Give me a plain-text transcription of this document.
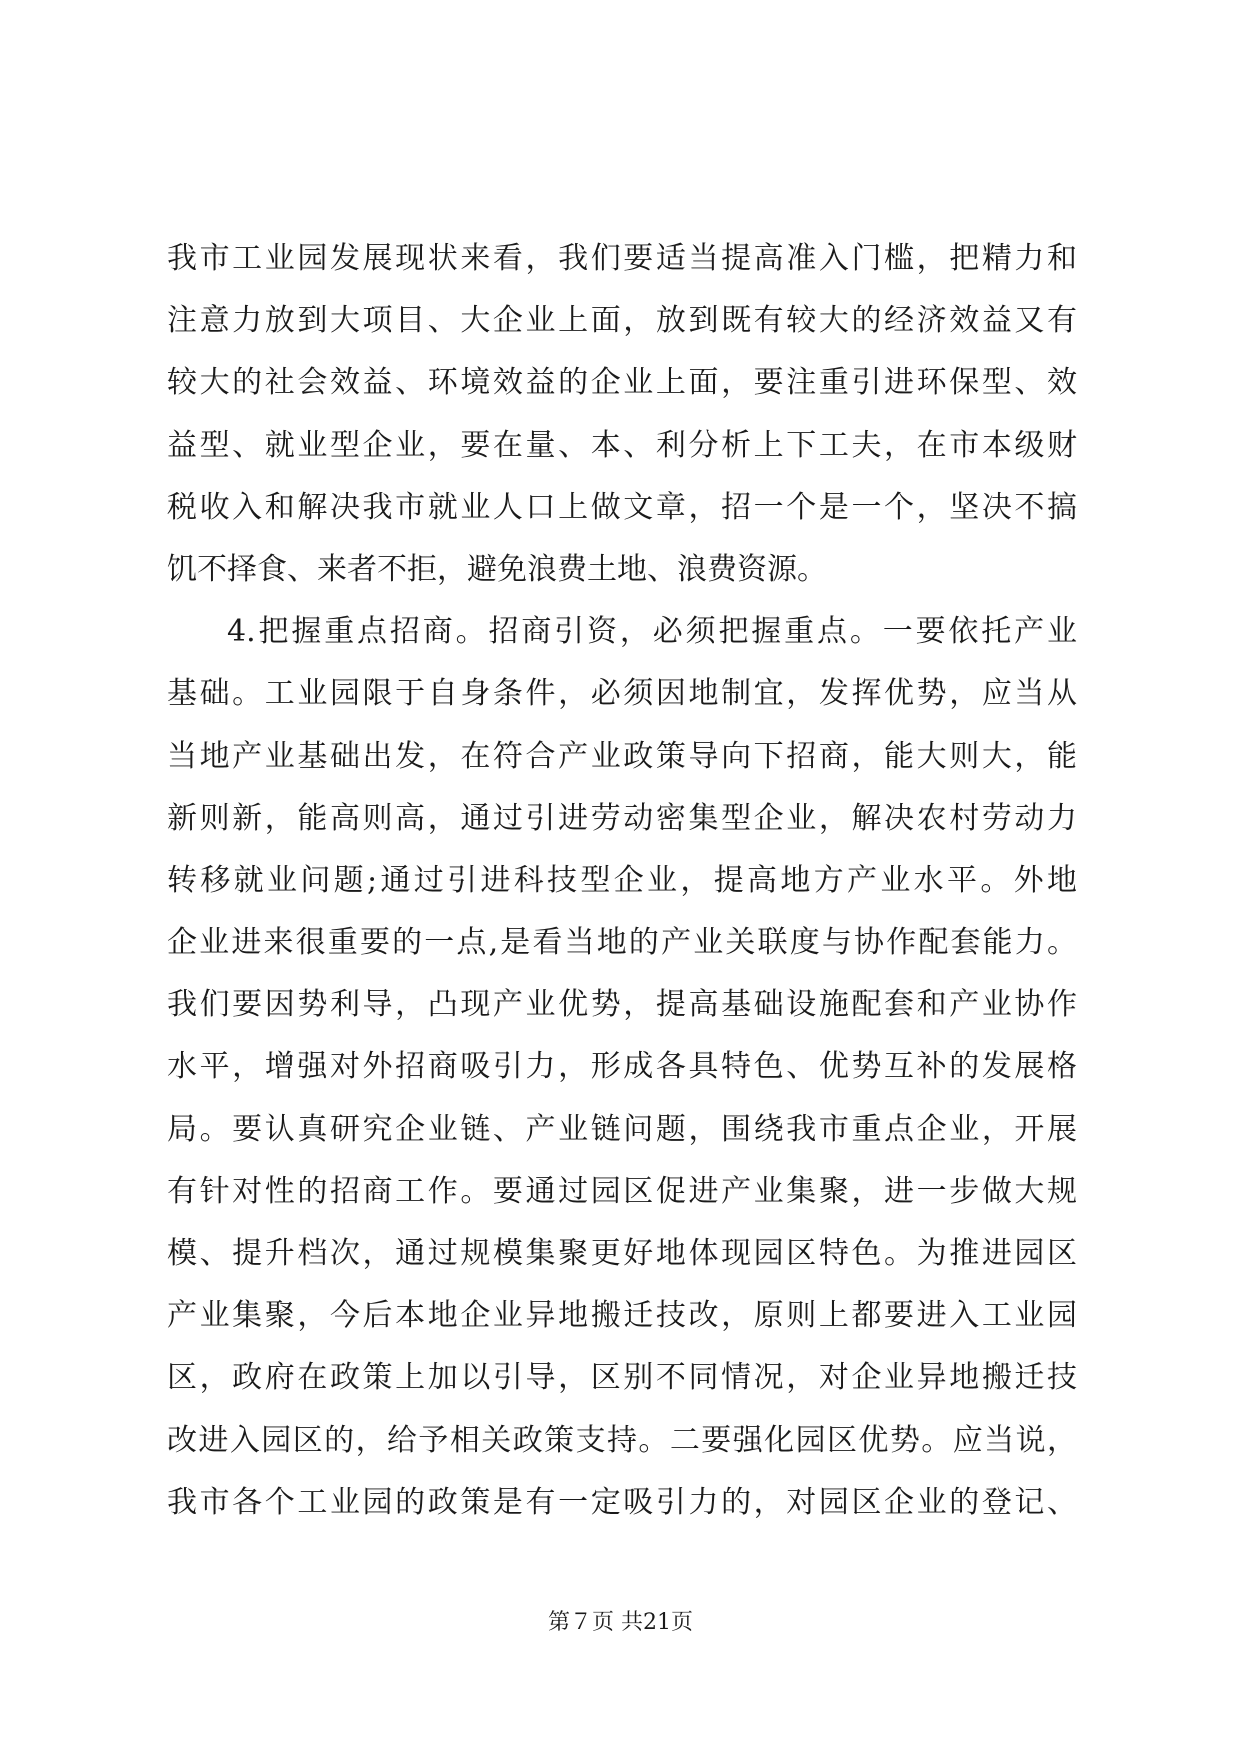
我市工业园发展现状来看，我们要适当提高准入门槛，把精力和
注意力放到大项目、大企业上面，放到既有较大的经济效益又有
较大的社会效益、环境效益的企业上面，要注重引进环保型、效
益型、就业型企业，要在量、本、利分析上下工夫，在市本级财
税收入和解决我市就业人口上做文章，招一个是一个，坚决不搞
饥不择食、来者不拒，避免浪费土地、浪费资源。
4.把握重点招商。招商引资，必须把握重点。一要依托产业
基础。工业园限于自身条件，必须因地制宜，发挥优势，应当从
当地产业基础出发，在符合产业政策导向下招商，能大则大，能
新则新，能高则高，通过引进劳动密集型企业，解决农村劳动力
转移就业问题;通过引进科技型企业，提高地方产业水平。外地
企业进来很重要的一点,是看当地的产业关联度与协作配套能力。
我们要因势利导，凸现产业优势，提高基础设施配套和产业协作
水平，增强对外招商吸引力，形成各具特色、优势互补的发展格
局。要认真研究企业链、产业链问题，围绕我市重点企业，开展
有针对性的招商工作。要通过园区促进产业集聚，进一步做大规
模、提升档次，通过规模集聚更好地体现园区特色。为推进园区
产业集聚，今后本地企业异地搬迁技改，原则上都要进入工业园
区，政府在政策上加以引导，区别不同情况，对企业异地搬迁技
改进入园区的，给予相关政策支持。二要强化园区优势。应当说，
我市各个工业园的政策是有一定吸引力的，对园区企业的登记、
第７页 共21页
